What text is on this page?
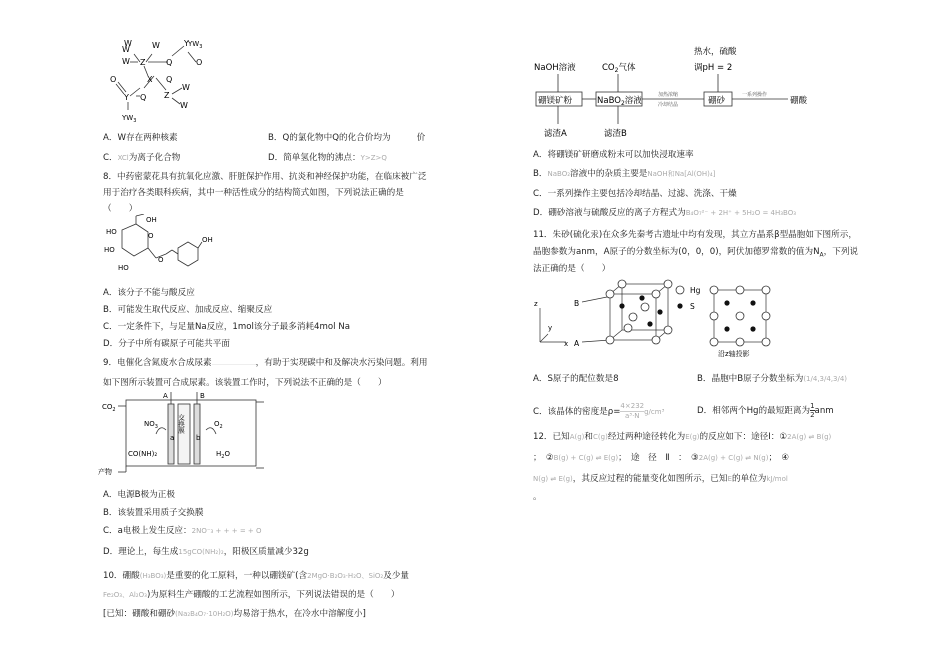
W	W	Y $YW_3$
W Z	Q	O
W
X
O
Y Q Z
W
W
$YW_3$
Q
A．W存在两种核素	B．Q的氯化物中Q的化合价均为	价
C．XCl为离子化合物	D．简单氢化物的沸点：Y>Z>Q
8．中药密蒙花具有抗氧化应激、肝脏保护作用、抗炎和神经保护功能，在临床被广泛
用于治疗各类眼科疾病，其中一种活性成分的结构简式如图，下列说法正确的是
（　　）
OH
OH
HO
HO
HO
O
O
A．该分子不能与酸反应
B．可能发生取代反应、加成反应、缩聚反应
C．一定条件下，与足量Na反应，1mol该分子最多消耗4mol Na
D．分子中所有碳原子可能共平面
9．电催化含氮废水合成尿素	，有助于实现碳中和及解决水污染问题。利用
如下图所示装置可合成尿素。该装置工作时，下列说法不正确的是（　　）
$CO_2$
A	B
$NO_3$	$O_2$
a	b
交换膜
CO(NH)₂	$H_2O$
产物
A．电源B极为正极
B．该装置采用质子交换膜
C．a电极上发生反应：2NO⁻₃ + + + = + O
D．理论上，每生成15gCO(NH₂)₂，阳极区质量减少32g
10．硼酸(H₃BO₃)是重要的化工原料，一种以硼镁矿(含2MgO·B₂O₃·H₂O、SiO₂及少量
Fe₂O₃、Al₂O₃)为原料生产硼酸的工艺流程如图所示，下列说法错误的是（　　）
[已知：硼酸和硼砂(Na₂B₄O₇·10H₂O)均易溶于热水，在冷水中溶解度小]
NaOH溶液	$CO_2$气体
热水，硫酸
调pH = 2
硼镁矿粉	NaBO$_2$溶液	硼砂	硼酸
加热浓缩
冷却结晶
一系列操作
滤渣A	滤渣B
A．将硼镁矿研磨成粉末可以加快浸取速率
B．NaBO₂溶液中的杂质主要是NaOH和Na[Al(OH)₄]
C．一系列操作主要包括冷却结晶、过滤、洗涤、干燥
D．硼砂溶液与硫酸反应的离子方程式为B₄O₇²⁻ + 2H⁺ + 5H₂O = 4H₃BO₃
11．朱砂(硫化汞)在众多先秦考古遗址中均有发现，其立方晶系β型晶胞如下图所示，
晶胞参数为anm，A原子的分数坐标为(0，0，0)，阿伏加德罗常数的值为$N_A$，下列说
法正确的是（　　）
z
y
x
B
A
Hg
S
沿z轴投影
A．S原子的配位数是8	B．晶胞中B原子分数坐标为(1/4,3/4,3/4)
C．该晶体的密度是$\rho= \frac{4\times 232}{\text{a³·N}} g/cm^3$	D．相邻两个Hg的最短距离为 $\frac{1}{2}$ anm
12．已知A(g)和C(g)经过两种途径转化为E(g)的反应如下：途径Ⅰ：①2A(g) ⇌ B(g)
；　②B(g) + C(g) ⇌ E(g)；　途　径　Ⅱ　：　③2A(g) + C(g) ⇌ N(g)；　④
N(g) ⇌ E(g)，其反应过程的能量变化如图所示，已知E的单位为kJ/mol
。
